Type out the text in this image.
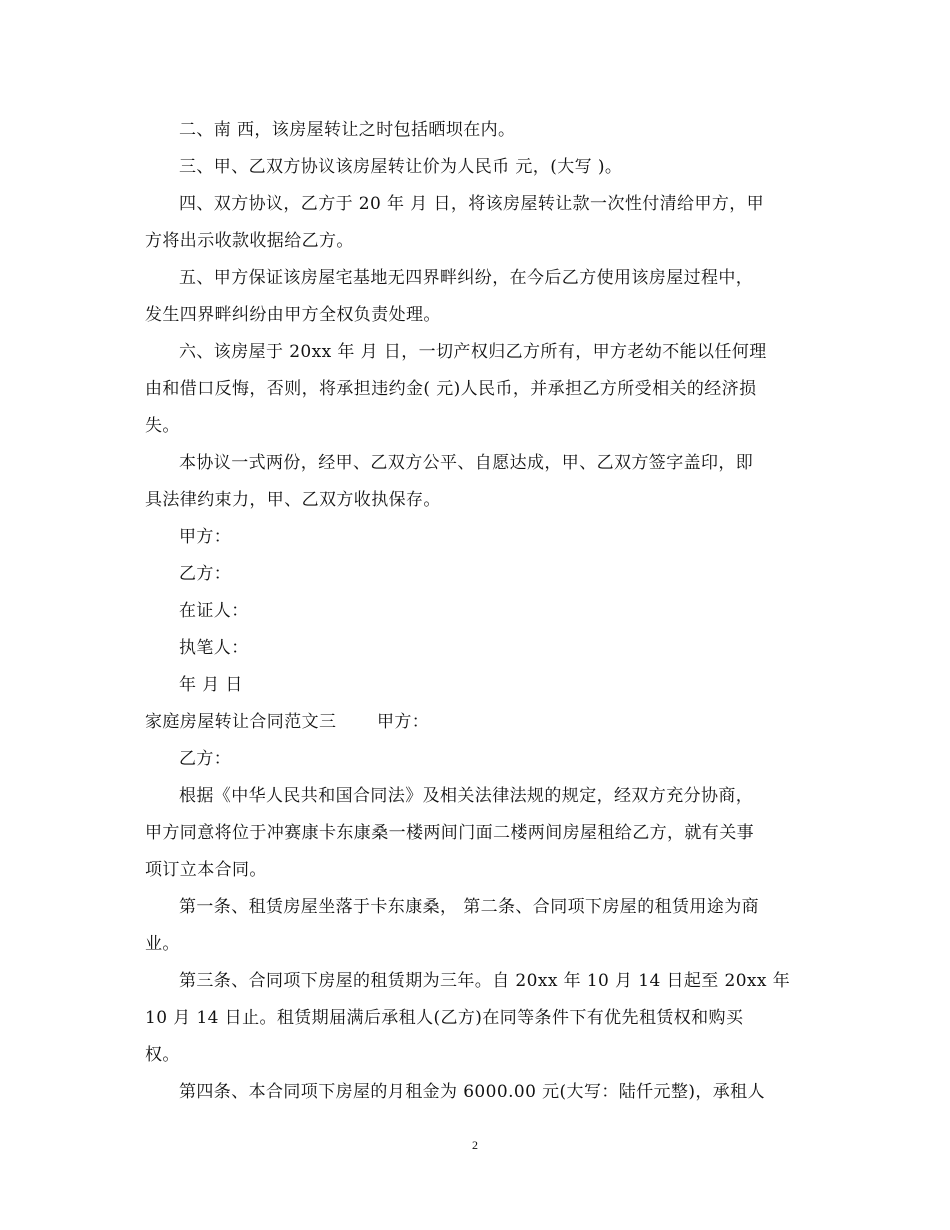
二、南 西，该房屋转让之时包括晒坝在内。
三、甲、乙双方协议该房屋转让价为人民币 元，(大写 )。
四、双方协议，乙方于 20 年 月 日，将该房屋转让款一次性付清给甲方，甲
方将出示收款收据给乙方。
五、甲方保证该房屋宅基地无四界畔纠纷，在今后乙方使用该房屋过程中，
发生四界畔纠纷由甲方全权负责处理。
六、该房屋于 20xx 年 月 日，一切产权归乙方所有，甲方老幼不能以任何理
由和借口反悔，否则，将承担违约金( 元)人民币，并承担乙方所受相关的经济损
失。
本协议一式两份，经甲、乙双方公平、自愿达成，甲、乙双方签字盖印，即
具法律约束力，甲、乙双方收执保存。
甲方：
乙方：
在证人：
执笔人：
年 月 日
家庭房屋转让合同范文三　　 甲方：
乙方：
根据《中华人民共和国合同法》及相关法律法规的规定，经双方充分协商，
甲方同意将位于冲赛康卡东康桑一楼两间门面二楼两间房屋租给乙方，就有关事
项订立本合同。
第一条、租赁房屋坐落于卡东康桑， 第二条、合同项下房屋的租赁用途为商
业。
第三条、合同项下房屋的租赁期为三年。自 20xx 年 10 月 14 日起至 20xx 年
10 月 14 日止。租赁期届满后承租人(乙方)在同等条件下有优先租赁权和购买
权。
第四条、本合同项下房屋的月租金为 6000.00 元(大写：陆仟元整)，承租人
2
